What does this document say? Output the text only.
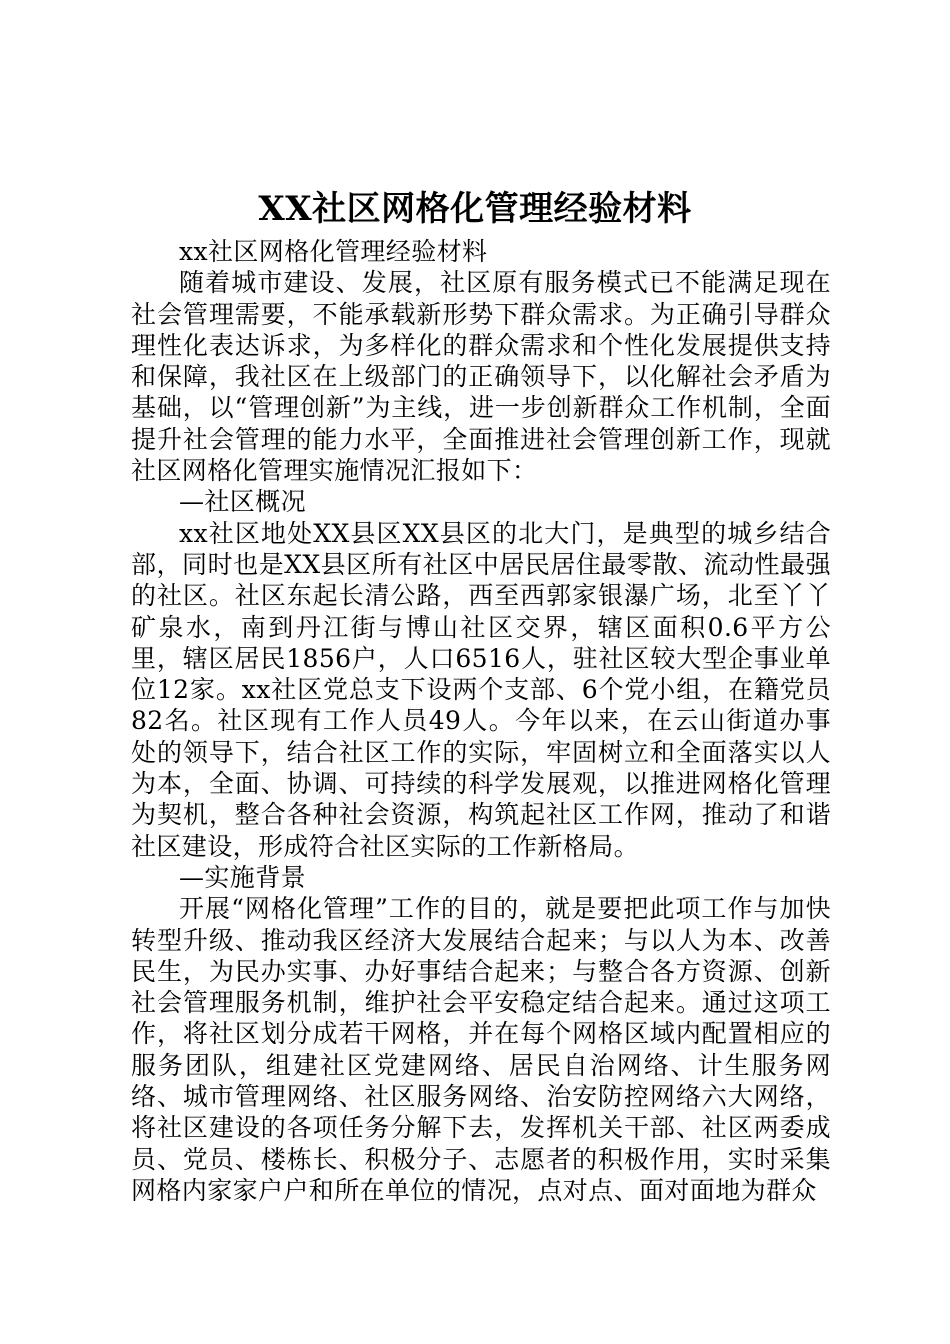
XX社区网格化管理经验材料

xx社区网格化管理经验材料

随着城市建设、发展，社区原有服务模式已不能满足现在社会管理需要，不能承载新形势下群众需求。为正确引导群众理性化表达诉求，为多样化的群众需求和个性化发展提供支持和保障，我社区在上级部门的正确领导下，以化解社会矛盾为基础，以“管理创新”为主线，进一步创新群众工作机制，全面提升社会管理的能力水平，全面推进社会管理创新工作，现就社区网格化管理实施情况汇报如下：

—社区概况

xx社区地处XX县区XX县区的北大门，是典型的城乡结合部，同时也是XX县区所有社区中居民居住最零散、流动性最强的社区。社区东起长清公路，西至西郭家银瀑广场，北至丫丫矿泉水，南到丹江街与博山社区交界，辖区面积0.6平方公里，辖区居民1856户，人口6516人，驻社区较大型企事业单位12家。xx社区党总支下设两个支部、6个党小组，在籍党员82名。社区现有工作人员49人。今年以来，在云山街道办事处的领导下，结合社区工作的实际，牢固树立和全面落实以人为本，全面、协调、可持续的科学发展观，以推进网格化管理为契机，整合各种社会资源，构筑起社区工作网，推动了和谐社区建设，形成符合社区实际的工作新格局。

—实施背景

开展“网格化管理”工作的目的，就是要把此项工作与加快转型升级、推动我区经济大发展结合起来；与以人为本、改善民生，为民办实事、办好事结合起来；与整合各方资源、创新社会管理服务机制，维护社会平安稳定结合起来。通过这项工作，将社区划分成若干网格，并在每个网格区域内配置相应的服务团队，组建社区党建网络、居民自治网络、计生服务网络、城市管理网络、社区服务网络、治安防控网络六大网络，将社区建设的各项任务分解下去，发挥机关干部、社区两委成员、党员、楼栋长、积极分子、志愿者的积极作用，实时采集网格内家家户户和所在单位的情况，点对点、面对面地为群众
